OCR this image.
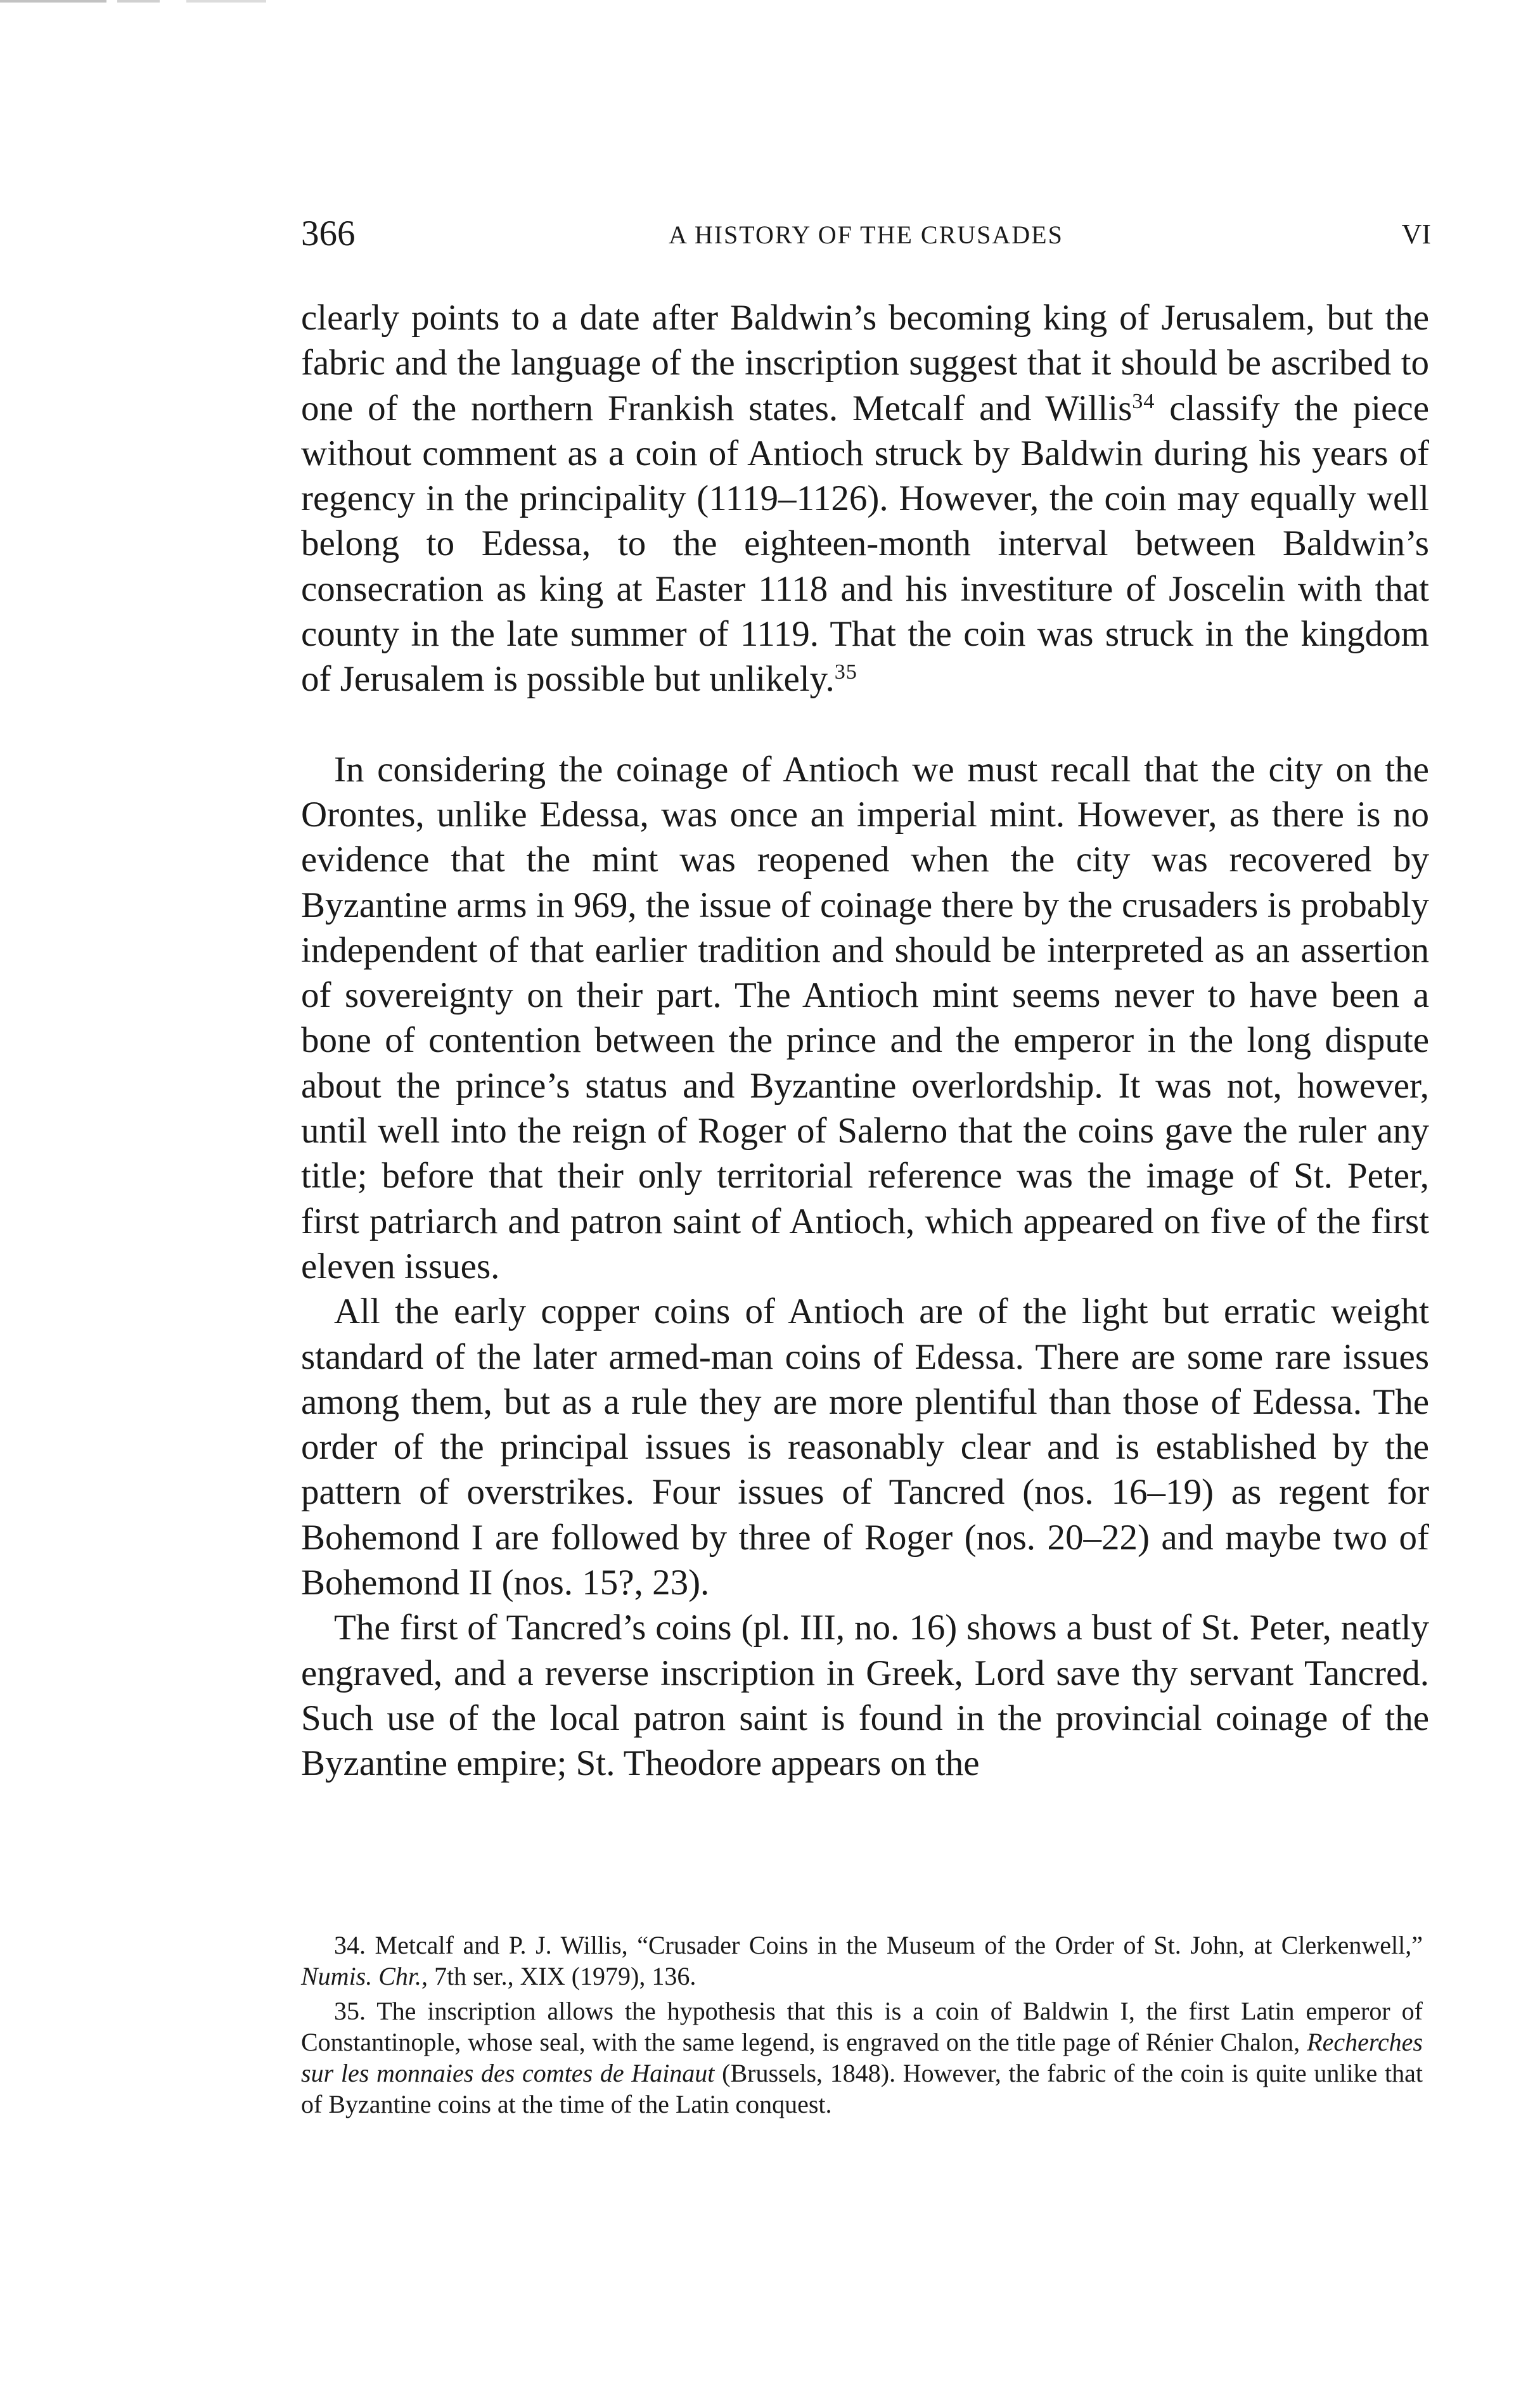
366	A HISTORY OF THE CRUSADES	VI

clearly points to a date after Baldwin’s becoming king of Jerusalem, but the fabric and the language of the inscription suggest that it should be ascribed to one of the northern Frankish states. Metcalf and Willis$^{34}$ classify the piece without comment as a coin of Antioch struck by Baldwin during his years of regency in the principality (1119–1126). However, the coin may equally well belong to Edessa, to the eighteen-month interval between Baldwin’s consecration as king at Easter 1118 and his investiture of Joscelin with that county in the late summer of 1119. That the coin was struck in the kingdom of Jerusalem is possible but unlikely.$^{35}$

In considering the coinage of Antioch we must recall that the city on the Orontes, unlike Edessa, was once an imperial mint. However, as there is no evidence that the mint was reopened when the city was recovered by Byzantine arms in 969, the issue of coinage there by the crusaders is probably independent of that earlier tradition and should be interpreted as an assertion of sovereignty on their part. The Antioch mint seems never to have been a bone of contention between the prince and the emperor in the long dispute about the prince’s status and Byzantine overlordship. It was not, however, until well into the reign of Roger of Salerno that the coins gave the ruler any title; before that their only territorial reference was the image of St. Peter, first patriarch and patron saint of Antioch, which appeared on five of the first eleven issues.

All the early copper coins of Antioch are of the light but erratic weight standard of the later armed-man coins of Edessa. There are some rare issues among them, but as a rule they are more plentiful than those of Edessa. The order of the principal issues is reasonably clear and is established by the pattern of overstrikes. Four issues of Tancred (nos. 16–19) as regent for Bohemond I are followed by three of Roger (nos. 20–22) and maybe two of Bohemond II (nos. 15?, 23).

The first of Tancred’s coins (pl. III, no. 16) shows a bust of St. Peter, neatly engraved, and a reverse inscription in Greek, Lord save thy servant Tancred. Such use of the local patron saint is found in the provincial coinage of the Byzantine empire; St. Theodore appears on the

34. Metcalf and P. J. Willis, “Crusader Coins in the Museum of the Order of St. John, at Clerkenwell,” Numis. Chr., 7th ser., XIX (1979), 136.

35. The inscription allows the hypothesis that this is a coin of Baldwin I, the first Latin emperor of Constantinople, whose seal, with the same legend, is engraved on the title page of Rénier Chalon, Recherches sur les monnaies des comtes de Hainaut (Brussels, 1848). However, the fabric of the coin is quite unlike that of Byzantine coins at the time of the Latin conquest.
